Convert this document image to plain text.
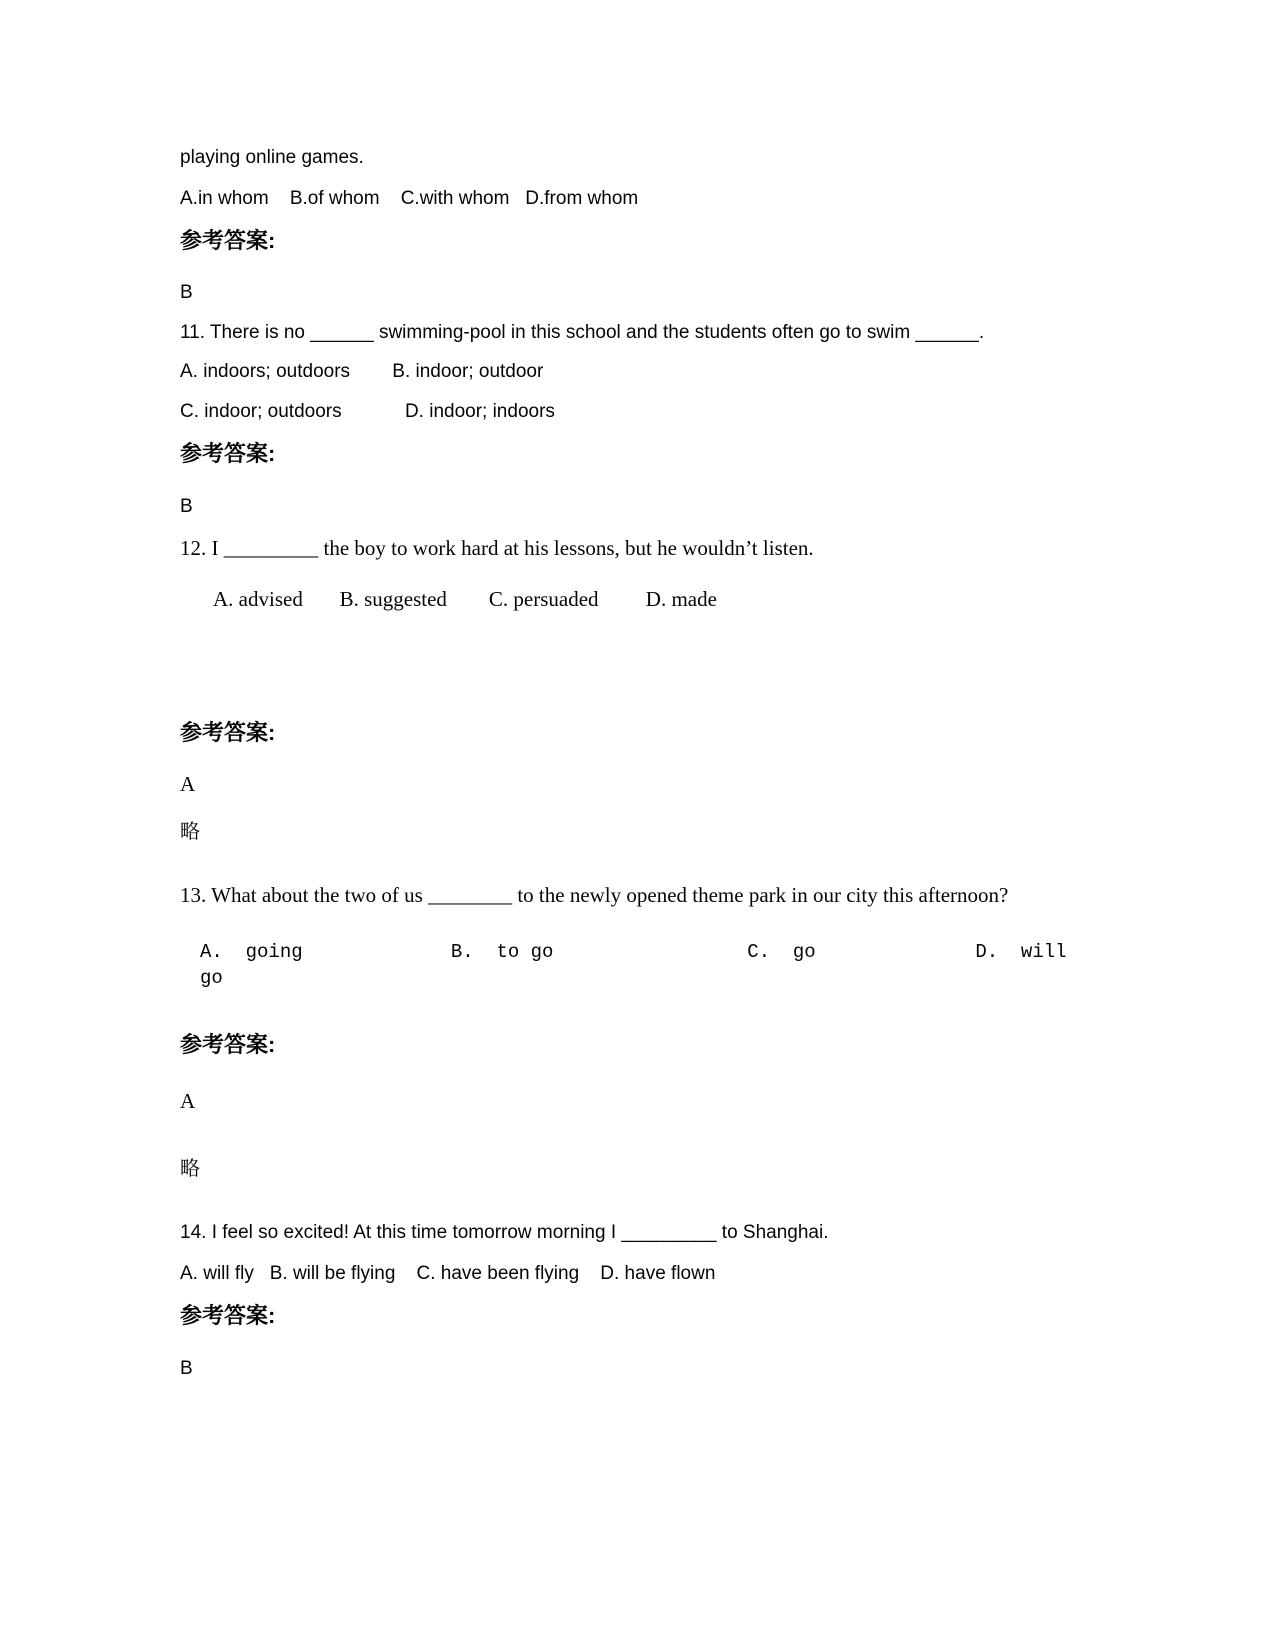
playing online games.

A.in whom    B.of whom    C.with whom   D.from whom

参考答案:

B

11. There is no ______ swimming-pool in this school and the students often go to swim ______.

A. indoors; outdoors        B. indoor; outdoor

C. indoor; outdoors            D. indoor; indoors

参考答案:

B

12. I _________ the boy to work hard at his lessons, but he wouldn’t listen.

A. advised       B. suggested        C. persuaded         D. made

参考答案:

A

略

13. What about the two of us ________ to the newly opened theme park in our city this afternoon?

A.  going             B.  to go                 C.  go              D.  will go

参考答案:

A

略

14. I feel so excited! At this time tomorrow morning I _________ to Shanghai.

A. will fly   B. will be flying    C. have been flying    D. have flown

参考答案:

B
